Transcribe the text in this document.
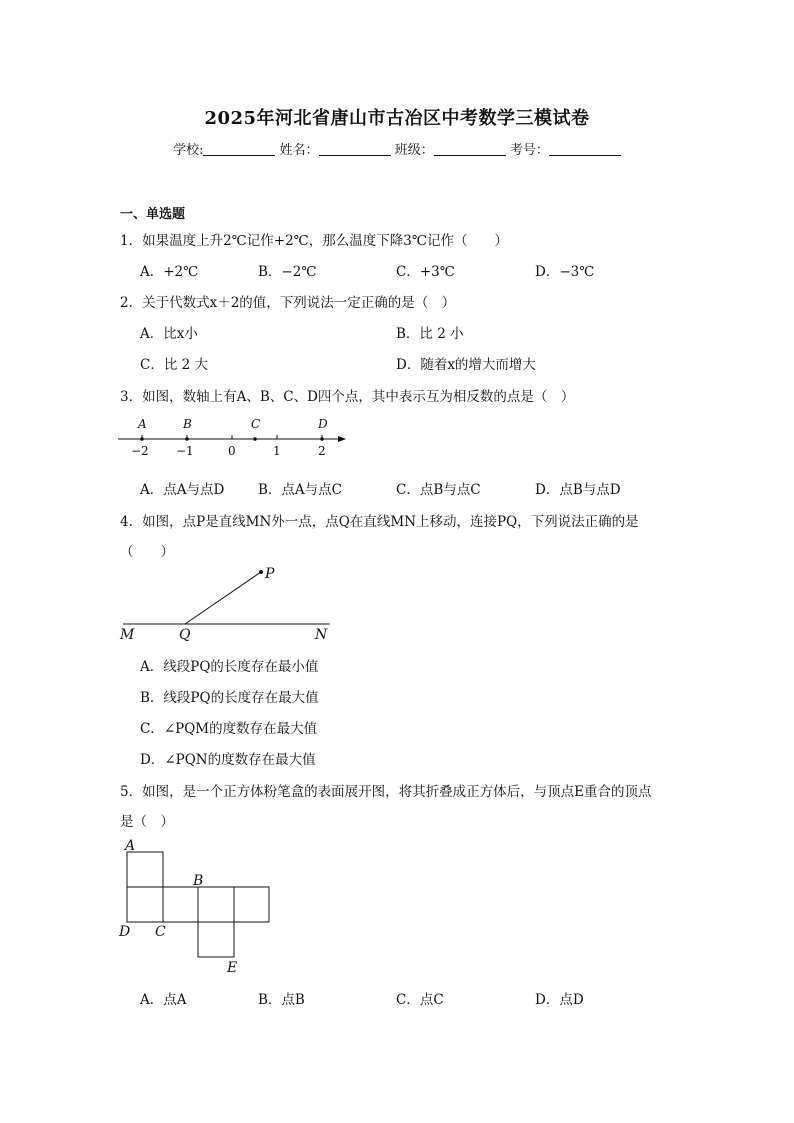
2025年河北省唐山市古冶区中考数学三模试卷
学校:	姓名：	班级：	考号：
一、单选题
1．如果温度上升2℃记作+2℃，那么温度下降3℃记作（　　）
A．+2℃	B．−2℃	C．+3℃	D．−3℃
2．关于代数式x＋2的值，下列说法一定正确的是（　）
A．比x小	B．比 2 小
C．比 2 大	D．随着x的增大而增大
3．如图，数轴上有A、B、C、D四个点，其中表示互为相反数的点是（　）
A	B	C	D
−2 −1	0	1	2
A．点A与点D B．点A与点C	C．点B与点C	D．点B与点D
4．如图，点P是直线MN外一点，点Q在直线MN上移动，连接PQ，下列说法正确的是
（　　）
P
M	Q	N
A．线段PQ的长度存在最小值
B．线段PQ的长度存在最大值
C．∠PQM的度数存在最大值
D．∠PQN的度数存在最大值
5．如图，是一个正方体粉笔盒的表面展开图，将其折叠成正方体后，与顶点E重合的顶点
是（　）
A
B
D C
E
A．点A	B．点B	C．点C	D．点D
